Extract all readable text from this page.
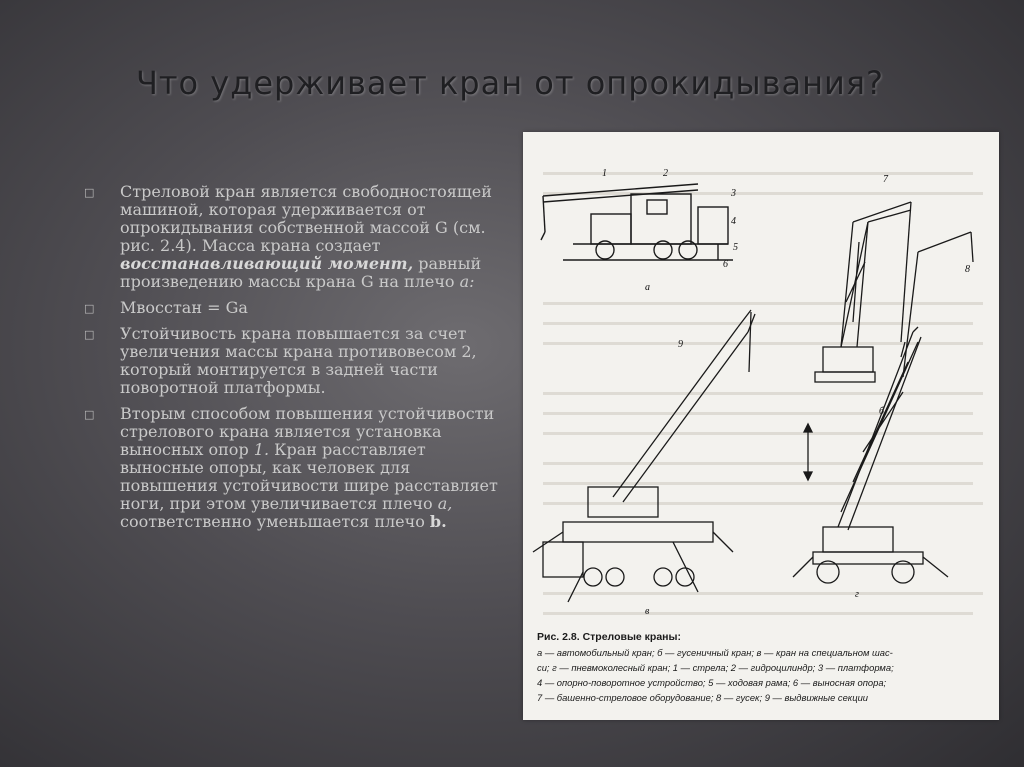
Что удерживает кран от опрокидывания?
□ Стреловой кран является свободностоящей машиной, которая удерживается от опрокидывания собственной массой G (см. рис. 2.4). Масса крана создает восстанавливающий момент, равный произведению массы крана G на плечо а:
□ Мвосстан = Gа
□ Устойчивость крана повышается за счет увеличения массы крана противовесом 2, который монтируется в задней части поворотной платформы.
□ Вторым способом повышения устойчивости стрелового крана является установка выносных опор 1. Кран расставляет выносные опоры, как человек для повышения устойчивости шире расставляет ноги, при этом увеличивается плечо а, соответственно уменьшается плечо b.
1	2
3
4
5
6
7
8
9
а
б
в
г
Рис. 2.8. Стреловые краны:
а — автомобильный кран; б — гусеничный кран; в — кран на специальном шас-
си; г — пневмоколесный кран; 1 — стрела; 2 — гидроцилиндр; 3 — платформа;
4 — опорно-поворотное устройство; 5 — ходовая рама; 6 — выносная опора;
7 — башенно-стреловое оборудование; 8 — гусек; 9 — выдвижные секции
